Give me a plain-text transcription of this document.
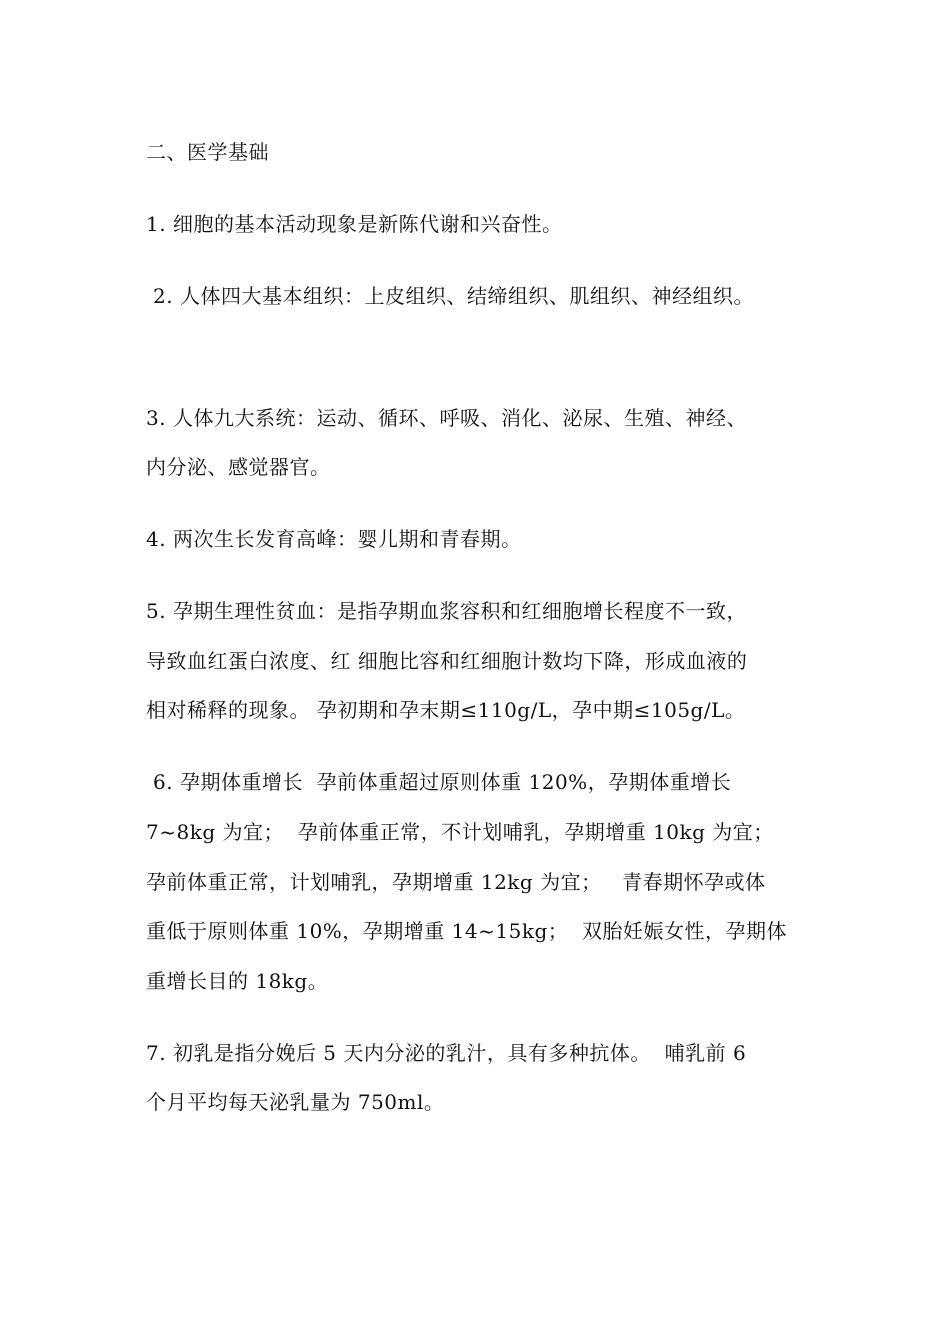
二、医学基础
1. 细胞的基本活动现象是新陈代谢和兴奋性。
2. 人体四大基本组织：上皮组织、结缔组织、肌组织、神经组织。
3. 人体九大系统：运动、循环、呼吸、消化、泌尿、生殖、神经、
内分泌、感觉器官。
4. 两次生长发育高峰：婴儿期和青春期。
5. 孕期生理性贫血：是指孕期血浆容积和红细胞增长程度不一致，
导致血红蛋白浓度、红 细胞比容和红细胞计数均下降，形成血液的
相对稀释的现象。 孕初期和孕末期≤110g/L，孕中期≤105g/L。
6. 孕期体重增长  孕前体重超过原则体重 120%，孕期体重增长
7~8kg 为宜；  孕前体重正常，不计划哺乳，孕期增重 10kg 为宜；
孕前体重正常，计划哺乳，孕期增重 12kg 为宜；   青春期怀孕或体
重低于原则体重 10%，孕期增重 14~15kg；  双胎妊娠女性，孕期体
重增长目的 18kg。
7. 初乳是指分娩后 5 天内分泌的乳汁，具有多种抗体。  哺乳前 6
个月平均每天泌乳量为 750ml。
